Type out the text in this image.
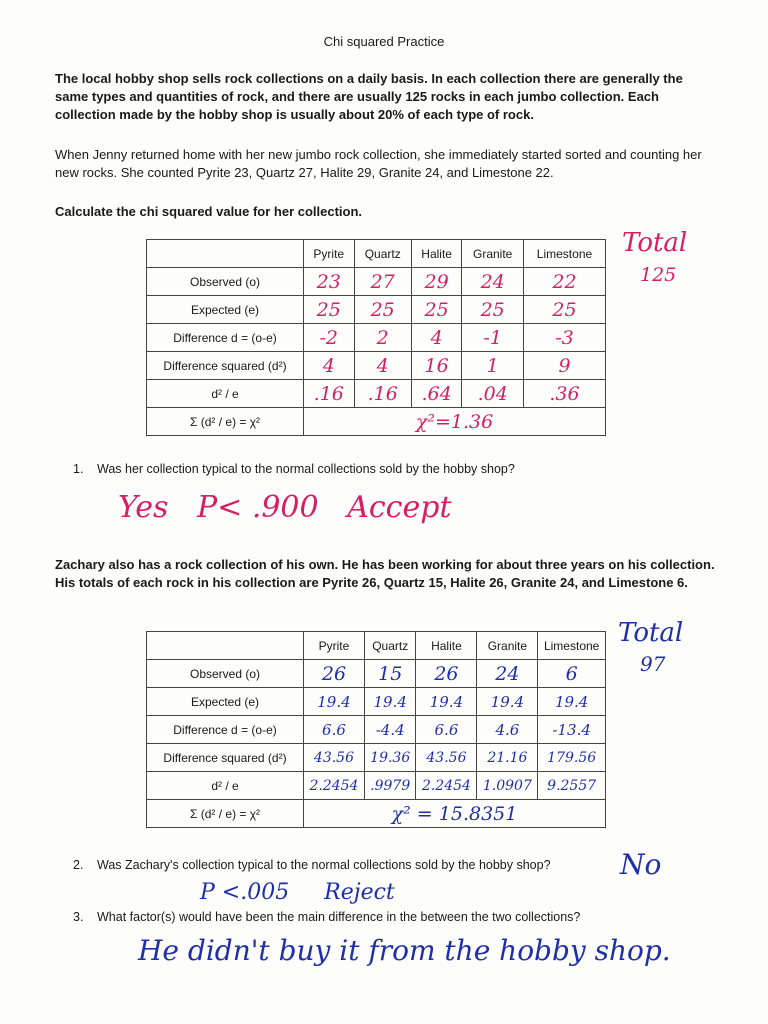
Chi squared Practice
The local hobby shop sells rock collections on a daily basis. In each collection there are generally the same types and quantities of rock, and there are usually 125 rocks in each jumbo collection. Each collection made by the hobby shop is usually about 20% of each type of rock.
When Jenny returned home with her new jumbo rock collection, she immediately started sorted and counting her new rocks. She counted Pyrite 23, Quartz 27, Halite 29, Granite 24, and Limestone 22.
Calculate the chi squared value for her collection.
	Pyrite	Quartz	Halite	Granite	Limestone
Observed (o)	23	27	29	24	22
Expected (e)	25	25	25	25	25
Difference d = (o-e)	-2	2	4	-1	-3
Difference squared (d²)	4	4	16	1	9
d² / e	.16	.16	.64	.04	.36
Σ (d² / e) = χ²	χ²=1.36				
Total
125
1. Was her collection typical to the normal collections sold by the hobby shop?
Yes   P< .900   Accept
Zachary also has a rock collection of his own. He has been working for about three years on his collection. His totals of each rock in his collection are Pyrite 26, Quartz 15, Halite 26, Granite 24, and Limestone 6.
	Pyrite	Quartz	Halite	Granite	Limestone
Observed (o)	26	15	26	24	6
Expected (e)	19.4	19.4	19.4	19.4	19.4
Difference d = (o-e)	6.6	-4.4	6.6	4.6	-13.4
Difference squared (d²)	43.56	19.36	43.56	21.16	179.56
d² / e	2.2454	.9979	2.2454	1.0907	9.2557
Σ (d² / e) = χ²	χ² = 15.8351				
Total
97
2. Was Zachary's collection typical to the normal collections sold by the hobby shop? No
P <.005     Reject
3. What factor(s) would have been the main difference in the between the two collections?
He didn't buy it from the hobby shop.
